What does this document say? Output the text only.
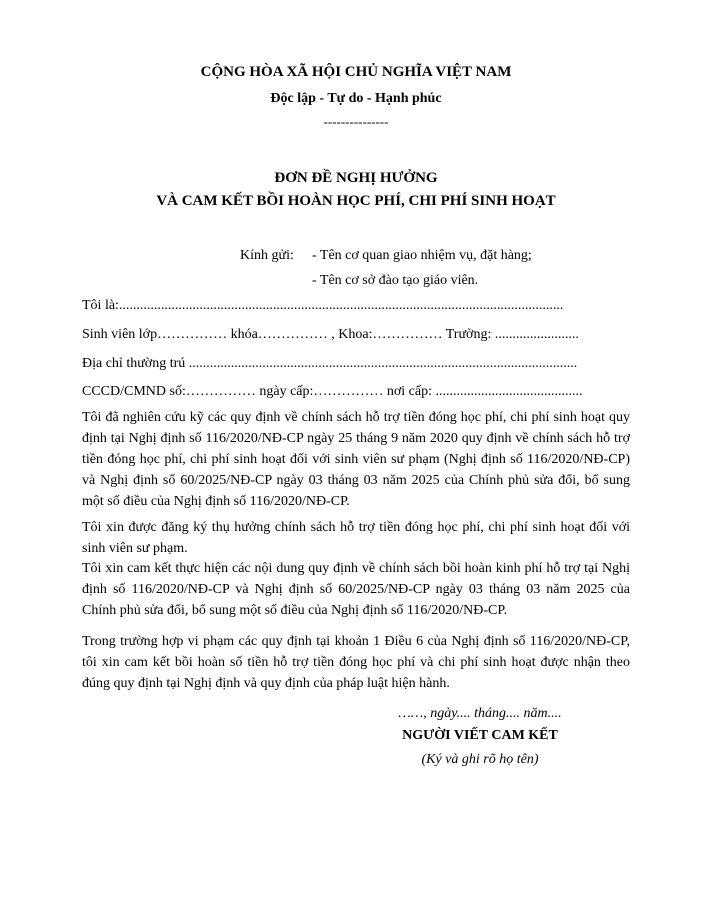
CỘNG HÒA XÃ HỘI CHỦ NGHĨA VIỆT NAM
Độc lập - Tự do - Hạnh phúc
---------------
ĐƠN ĐỀ NGHỊ HƯỞNG
VÀ CAM KẾT BỒI HOÀN HỌC PHÍ, CHI PHÍ SINH HOẠT
Kính gửi: - Tên cơ quan giao nhiệm vụ, đặt hàng;
- Tên cơ sở đào tạo giáo viên.
Tôi là:...............................................................................................................................
Sinh viên lớp…………… khóa…………… , Khoa:…………… Trường: ........................
Địa chỉ thường trú ...............................................................................................................
CCCD/CMND số:…………… ngày cấp:…………… nơi cấp: ..........................................
Tôi đã nghiên cứu kỹ các quy định về chính sách hỗ trợ tiền đóng học phí, chi phí sinh hoạt quy định tại Nghị định số 116/2020/NĐ-CP ngày 25 tháng 9 năm 2020 quy định về chính sách hỗ trợ tiền đóng học phí, chi phí sinh hoạt đối với sinh viên sư phạm (Nghị định số 116/2020/NĐ-CP) và Nghị định số 60/2025/NĐ-CP ngày 03 tháng 03 năm 2025 của Chính phủ sửa đổi, bổ sung một số điều của Nghị định số 116/2020/NĐ-CP.
Tôi xin được đăng ký thụ hưởng chính sách hỗ trợ tiền đóng học phí, chi phí sinh hoạt đối với sinh viên sư phạm.
Tôi xin cam kết thực hiện các nội dung quy định về chính sách bồi hoàn kinh phí hỗ trợ tại Nghị định số 116/2020/NĐ-CP và Nghị định số 60/2025/NĐ-CP ngày 03 tháng 03 năm 2025 của Chính phủ sửa đổi, bổ sung một số điều của Nghị định số 116/2020/NĐ-CP.
Trong trường hợp vi phạm các quy định tại khoản 1 Điều 6 của Nghị định số 116/2020/NĐ-CP, tôi xin cam kết bồi hoàn số tiền hỗ trợ tiền đóng học phí và chi phí sinh hoạt được nhận theo đúng quy định tại Nghị định và quy định của pháp luật hiện hành.
……, ngày.... tháng.... năm....
NGƯỜI VIẾT CAM KẾT
(Ký và ghi rõ họ tên)
